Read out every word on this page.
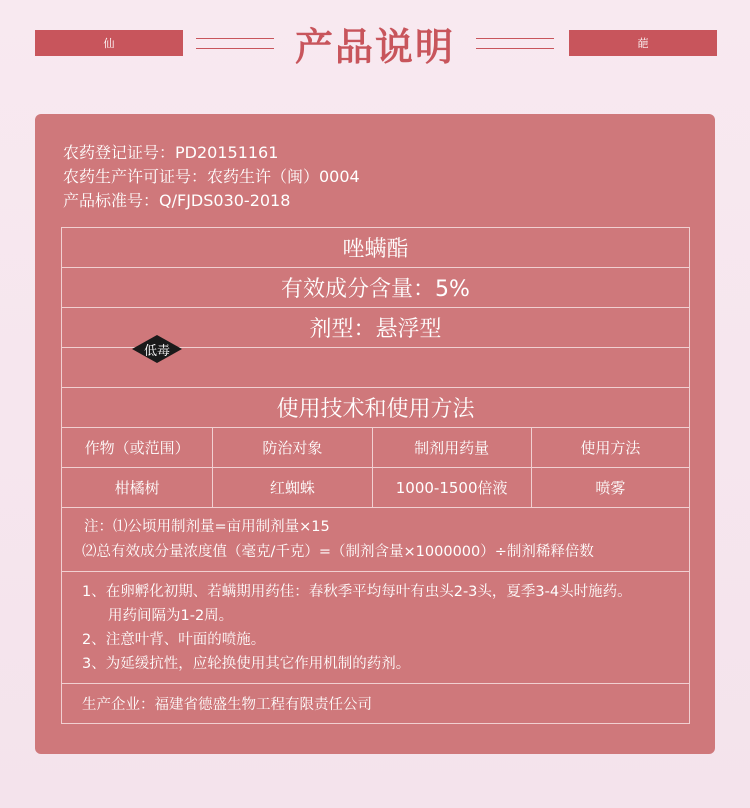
仙	产品说明	葩
农药登记证号：PD20151161
农药生产许可证号：农药生许（闽）0004
产品标准号：Q/FJDS030-2018
唑螨酯
有效成分含量：5%
剂型：悬浮型
使用技术和使用方法
作物（或范围）	防治对象	制剂用药量	使用方法
柑橘树	红蜘蛛	1000-1500倍液	喷雾
注：⑴公顷用制剂量=亩用制剂量×15
⑵总有效成分量浓度值（毫克/千克）=（制剂含量×1000000）÷制剂稀释倍数
1、在卵孵化初期、若螨期用药佳：春秋季平均每叶有虫头2-3头，夏季3-4头时施药。
用药间隔为1-2周。
2、注意叶背、叶面的喷施。
3、为延缓抗性，应轮换使用其它作用机制的药剂。
生产企业：福建省德盛生物工程有限责任公司
低毒
